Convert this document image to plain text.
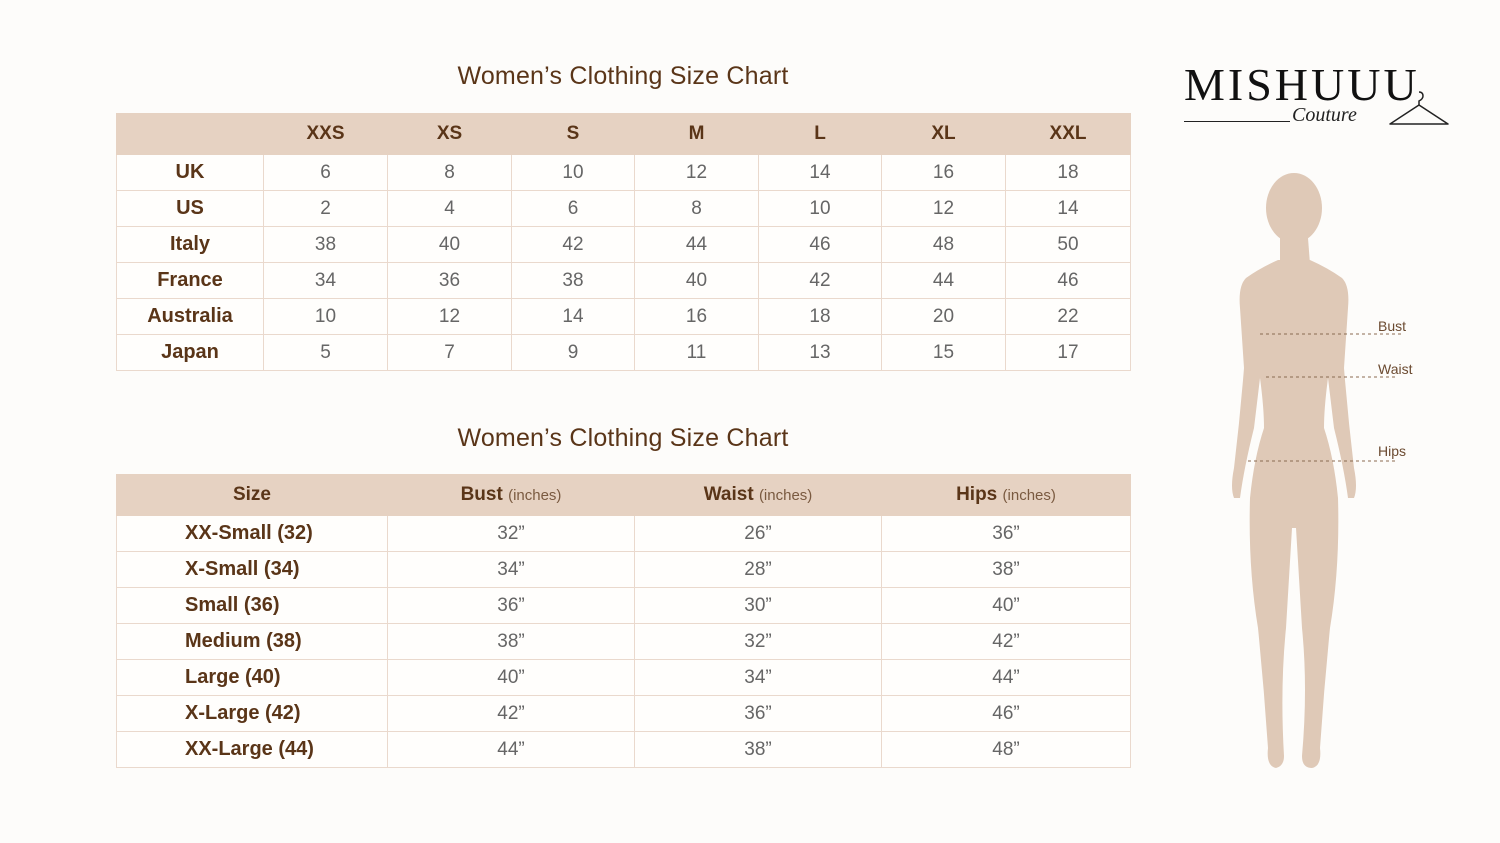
Women’s Clothing Size Chart
	XXS	XS	S	M	L	XL	XXL
UK	6	8	10	12	14	16	18
US	2	4	6	8	10	12	14
Italy	38	40	42	44	46	48	50
France	34	36	38	40	42	44	46
Australia	10	12	14	16	18	20	22
Japan	5	7	9	11	13	15	17
Women’s Clothing Size Chart
Size	Bust (inches)	Waist (inches)	Hips (inches)
XX-Small (32)	32”	26”	36”
X-Small (34)	34”	28”	38”
Small (36)	36”	30”	40”
Medium (38)	38”	32”	42”
Large (40)	40”	34”	44”
X-Large (42)	42”	36”	46”
XX-Large (44)	44”	38”	48”
MISHUUU
Couture
Bust
Waist
Hips
